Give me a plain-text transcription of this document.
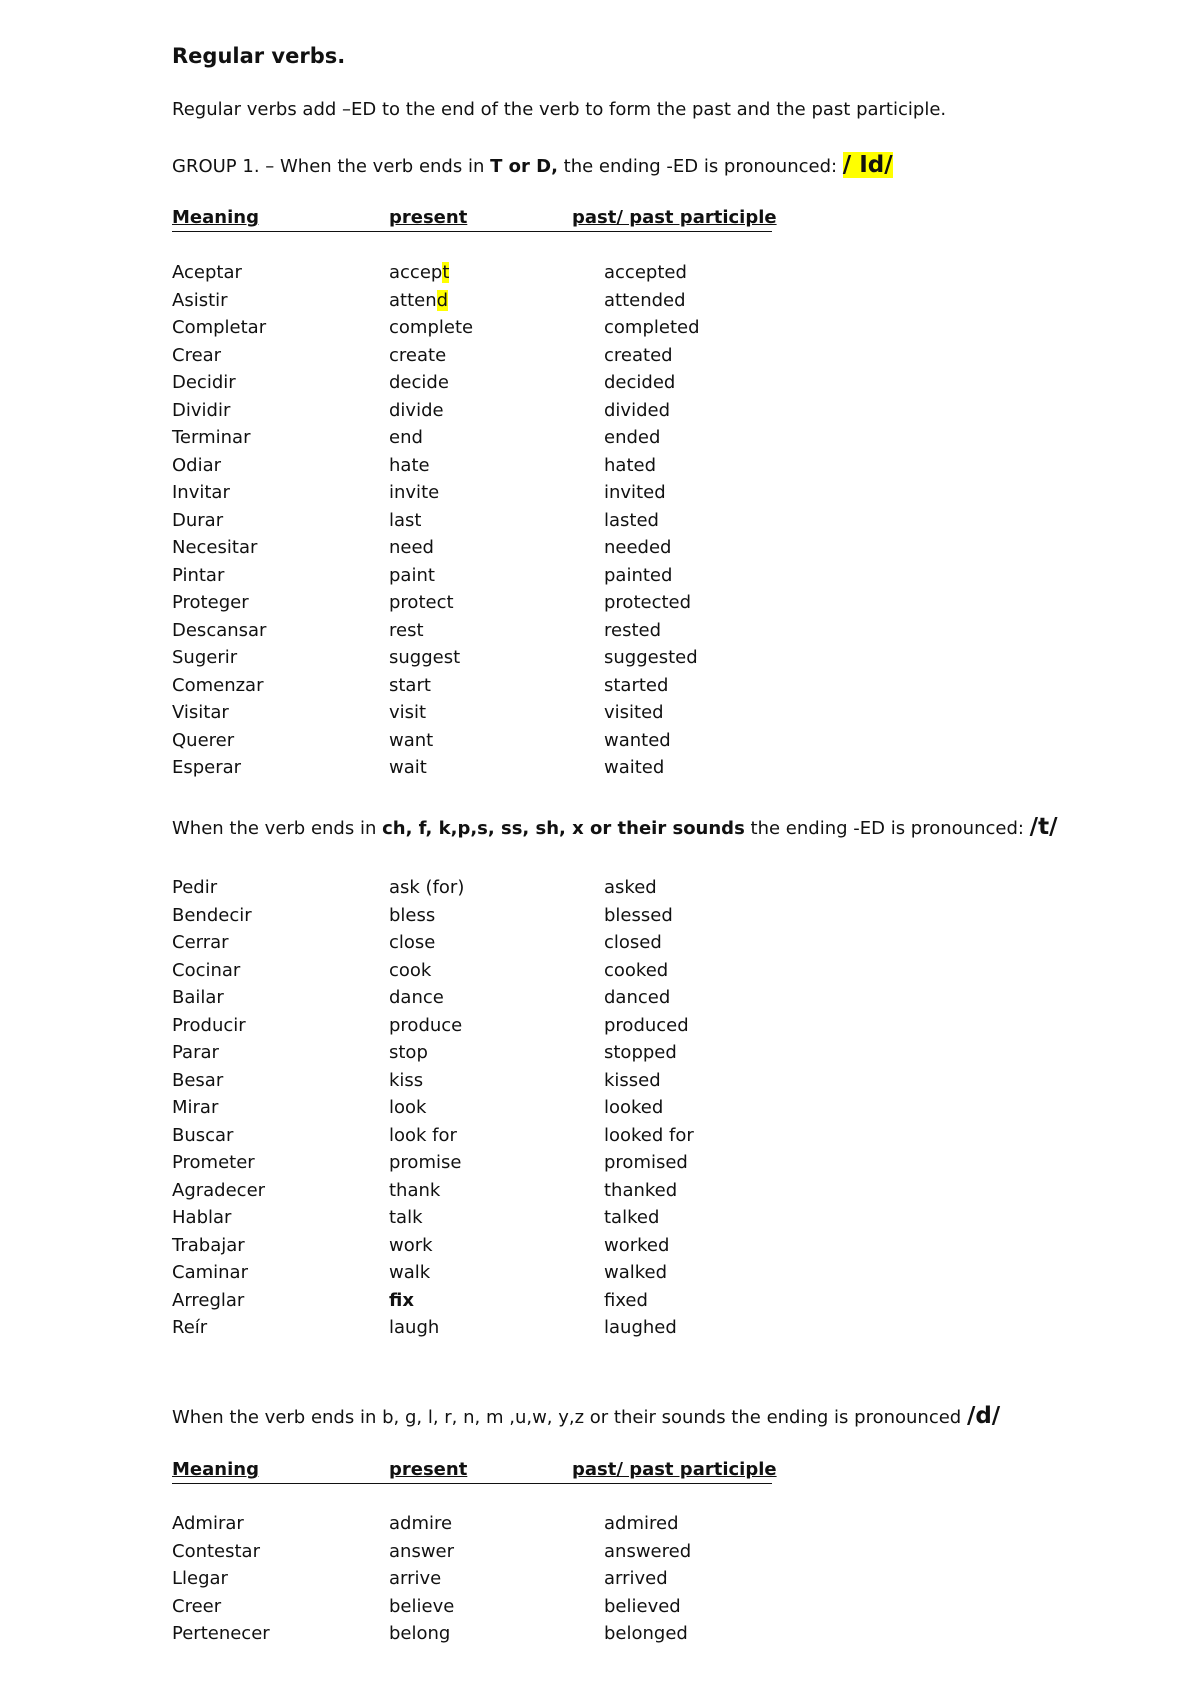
Regular verbs.
Regular verbs add –ED to the end of the verb to form the past and the past participle.
GROUP 1. – When the verb ends in T or D, the ending -ED is pronounced: / Id/
Meaning	present	past/ past participle
Aceptar	accept	accepted
Asistir	attend	attended
Completar	complete	completed
Crear	create	created
Decidir	decide	decided
Dividir	divide	divided
Terminar	end	ended
Odiar	hate	hated
Invitar	invite	invited
Durar	last	lasted
Necesitar	need	needed
Pintar	paint	painted
Proteger	protect	protected
Descansar	rest	rested
Sugerir	suggest	suggested
Comenzar	start	started
Visitar	visit	visited
Querer	want	wanted
Esperar	wait	waited
When the verb ends in ch, f, k,p,s, ss, sh, x or their sounds the ending -ED is pronounced: /t/
Pedir	ask (for)	asked
Bendecir	bless	blessed
Cerrar	close	closed
Cocinar	cook	cooked
Bailar	dance	danced
Producir	produce	produced
Parar	stop	stopped
Besar	kiss	kissed
Mirar	look	looked
Buscar	look for	looked for
Prometer	promise	promised
Agradecer	thank	thanked
Hablar	talk	talked
Trabajar	work	worked
Caminar	walk	walked
Arreglar	fix	fixed
Reír	laugh	laughed
When the verb ends in b, g, l, r, n, m ,u,w, y,z or their sounds the ending is pronounced /d/
Meaning	present	past/ past participle
Admirar	admire	admired
Contestar	answer	answered
Llegar	arrive	arrived
Creer	believe	believed
Pertenecer	belong	belonged
